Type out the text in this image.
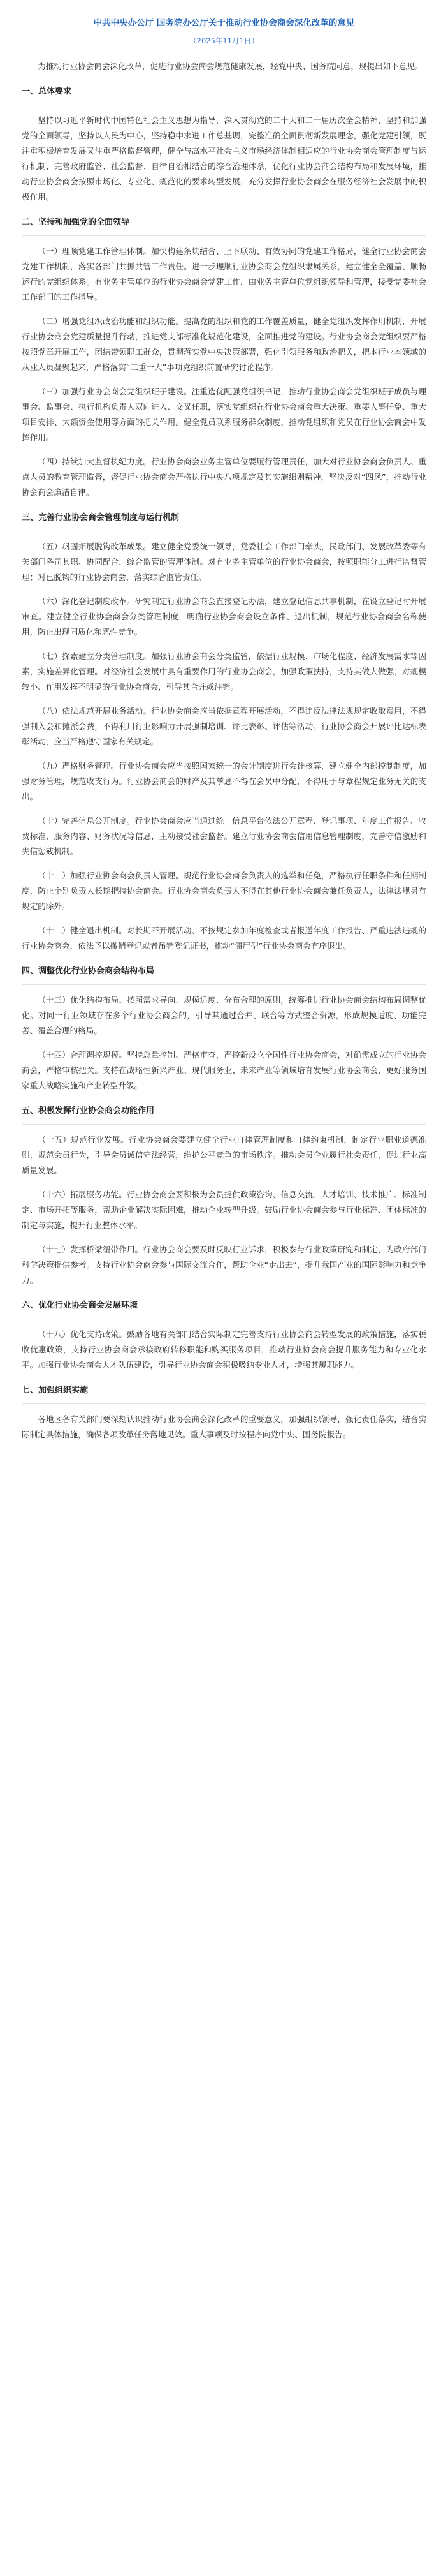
中共中央办公厅 国务院办公厅关于推动行业协会商会深化改革的意见
（2025年11月1日）
为推动行业协会商会深化改革，促进行业协会商会规范健康发展，经党中央、国务院同意，现提出如下意见。
一、总体要求
坚持以习近平新时代中国特色社会主义思想为指导，深入贯彻党的二十大和二十届历次全会精神，坚持和加强党的全面领导，坚持以人民为中心，坚持稳中求进工作总基调，完整准确全面贯彻新发展理念，强化党建引领，既注重积极培育发展又注重严格监督管理，健全与高水平社会主义市场经济体制相适应的行业协会商会管理制度与运行机制，完善政府监管、社会监督、自律自治相结合的综合治理体系，优化行业协会商会结构布局和发展环境，推动行业协会商会按照市场化、专业化、规范化的要求转型发展，充分发挥行业协会商会在服务经济社会发展中的积极作用。
二、坚持和加强党的全面领导
（一）理顺党建工作管理体制。加快构建条块结合、上下联动、有效协同的党建工作格局，健全行业协会商会党建工作机制，落实各部门共抓共管工作责任。进一步理顺行业协会商会党组织隶属关系，建立健全全覆盖、顺畅运行的党组织体系。有业务主管单位的行业协会商会党建工作，由业务主管单位党组织领导和管理，接受党委社会工作部门的工作指导。
（二）增强党组织政治功能和组织功能。提高党的组织和党的工作覆盖质量，健全党组织发挥作用机制，开展行业协会商会党建质量提升行动，推进党支部标准化规范化建设，全面推进党的建设。行业协会商会党组织要严格按照党章开展工作，团结带领职工群众，贯彻落实党中央决策部署，强化引领服务和政治把关，把本行业本领域的从业人员凝聚起来，严格落实“三重一大”事项党组织前置研究讨论程序。
（三）加强行业协会商会党组织班子建设。注重选优配强党组织书记，推动行业协会商会党组织班子成员与理事会、监事会、执行机构负责人双向进入、交叉任职，落实党组织在行业协会商会重大决策、重要人事任免、重大项目安排、大额资金使用等方面的把关作用。健全党员联系服务群众制度，推动党组织和党员在行业协会商会中发挥作用。
（四）持续加大监督执纪力度。行业协会商会业务主管单位要履行管理责任，加大对行业协会商会负责人、重点人员的教育管理监督，督促行业协会商会严格执行中央八项规定及其实施细则精神，坚决反对“四风”，推动行业协会商会廉洁自律。
三、完善行业协会商会管理制度与运行机制
（五）巩固拓展脱钩改革成果。建立健全党委统一领导，党委社会工作部门牵头，民政部门、发展改革委等有关部门各司其职、协同配合，综合监管的管理体制。对有业务主管单位的行业协会商会，按照职能分工进行监督管理；对已脱钩的行业协会商会，落实综合监管责任。
（六）深化登记制度改革。研究制定行业协会商会直接登记办法，建立登记信息共享机制，在设立登记时开展审查。建立健全行业协会商会分类管理制度，明确行业协会商会设立条件、退出机制，规范行业协会商会名称使用，防止出现同质化和恶性竞争。
（七）探索建立分类管理制度。加强行业协会商会分类监管，依据行业规模、市场化程度、经济发展需求等因素，实施差异化管理。对经济社会发展中具有重要作用的行业协会商会，加强政策扶持，支持其做大做强；对规模较小、作用发挥不明显的行业协会商会，引导其合并或注销。
（八）依法规范开展业务活动。行业协会商会应当依据章程开展活动，不得违反法律法规规定收取费用，不得强制入会和摊派会费，不得利用行业影响力开展强制培训、评比表彰、评估等活动。行业协会商会开展评比达标表彰活动，应当严格遵守国家有关规定。
（九）严格财务管理。行业协会商会应当按照国家统一的会计制度进行会计核算，建立健全内部控制制度，加强财务管理，规范收支行为。行业协会商会的财产及其孳息不得在会员中分配，不得用于与章程规定业务无关的支出。
（十）完善信息公开制度。行业协会商会应当通过统一信息平台依法公开章程、登记事项、年度工作报告、收费标准、服务内容、财务状况等信息，主动接受社会监督。建立行业协会商会信用信息管理制度，完善守信激励和失信惩戒机制。
（十一）加强行业协会商会负责人管理。规范行业协会商会负责人的选举和任免，严格执行任职条件和任期制度，防止个别负责人长期把持协会商会。行业协会商会负责人不得在其他行业协会商会兼任负责人，法律法规另有规定的除外。
（十二）健全退出机制。对长期不开展活动、不按规定参加年度检查或者报送年度工作报告、严重违法违规的行业协会商会，依法予以撤销登记或者吊销登记证书，推动“僵尸型”行业协会商会有序退出。
四、调整优化行业协会商会结构布局
（十三）优化结构布局。按照需求导向、规模适度、分布合理的原则，统筹推进行业协会商会结构布局调整优化。对同一行业领域存在多个行业协会商会的，引导其通过合并、联合等方式整合资源，形成规模适度、功能完善、覆盖合理的格局。
（十四）合理调控规模。坚持总量控制、严格审查，严控新设立全国性行业协会商会，对确需成立的行业协会商会，严格审核把关。支持在战略性新兴产业、现代服务业、未来产业等领域培育发展行业协会商会，更好服务国家重大战略实施和产业转型升级。
五、积极发挥行业协会商会功能作用
（十五）规范行业发展。行业协会商会要建立健全行业自律管理制度和自律约束机制，制定行业职业道德准则，规范会员行为，引导会员诚信守法经营，维护公平竞争的市场秩序。推动会员企业履行社会责任，促进行业高质量发展。
（十六）拓展服务功能。行业协会商会要积极为会员提供政策咨询、信息交流、人才培训、技术推广、标准制定、市场开拓等服务，帮助企业解决实际困难，推动企业转型升级。鼓励行业协会商会参与行业标准、团体标准的制定与实施，提升行业整体水平。
（十七）发挥桥梁纽带作用。行业协会商会要及时反映行业诉求，积极参与行业政策研究和制定，为政府部门科学决策提供参考。支持行业协会商会参与国际交流合作，帮助企业“走出去”，提升我国产业的国际影响力和竞争力。
六、优化行业协会商会发展环境
（十八）优化支持政策。鼓励各地有关部门结合实际制定完善支持行业协会商会转型发展的政策措施，落实税收优惠政策，支持行业协会商会承接政府转移职能和购买服务项目，推动行业协会商会提升服务能力和专业化水平。加强行业协会商会人才队伍建设，引导行业协会商会积极吸纳专业人才，增强其履职能力。
七、加强组织实施
各地区各有关部门要深刻认识推动行业协会商会深化改革的重要意义，加强组织领导，强化责任落实，结合实际制定具体措施，确保各项改革任务落地见效。重大事项及时按程序向党中央、国务院报告。
